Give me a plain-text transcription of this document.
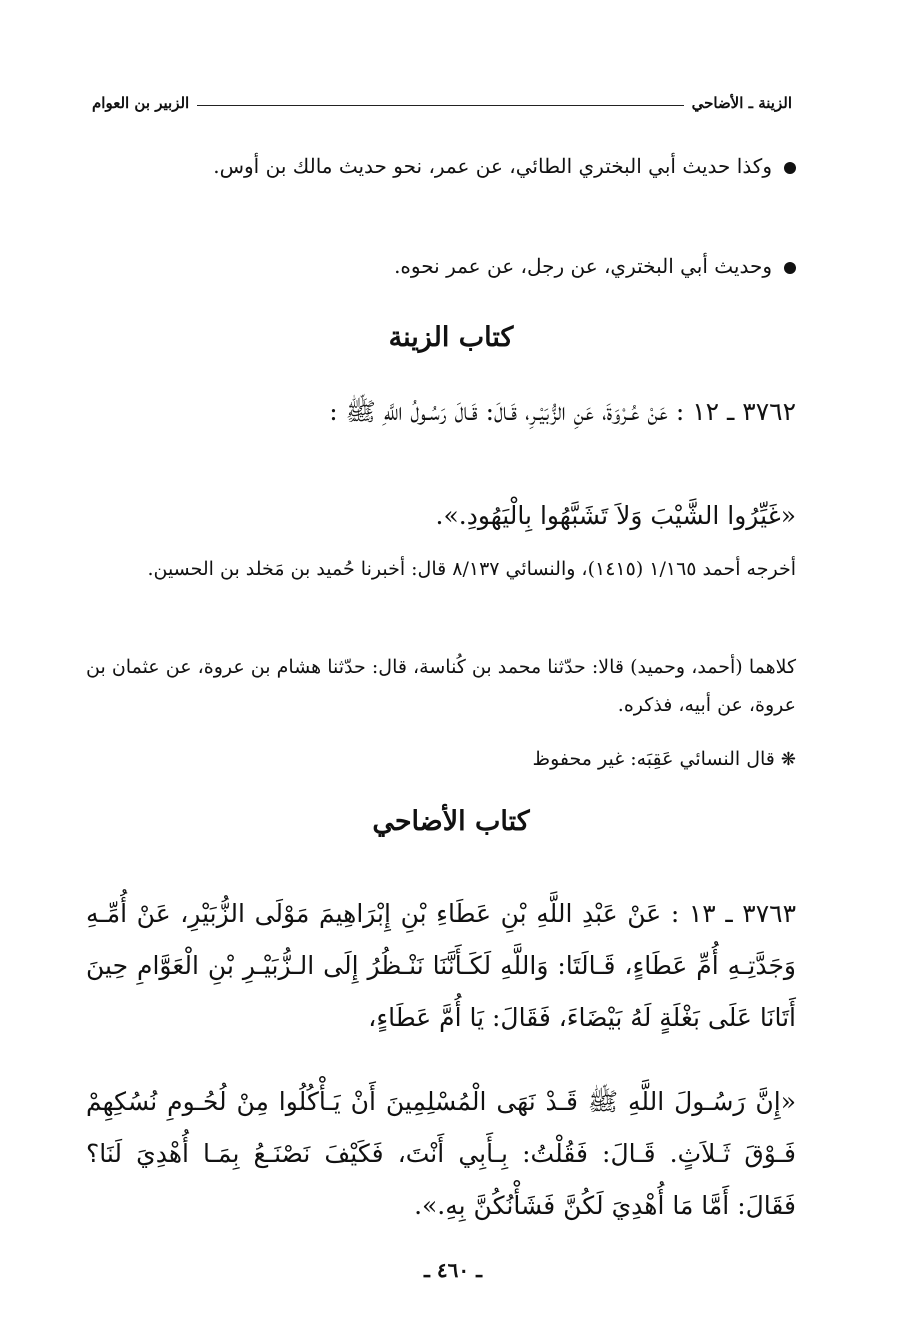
الزينة ـ الأضاحي
الزبير بن العوام
وكذا حديث أبي البختري الطائي، عن عمر، نحو حديث مالك بن أوس.
وحديث أبي البختري، عن رجل، عن عمر نحوه.
كتاب الزينة
٣٧٦٢ ـ ١٢ : عَنْ عُـرْوَةَ، عَنِ الزُّبَيْـرِ، قَـالَ: قَـالَ رَسُـولُ اللَّهِ ﷺ :
«غَيِّرُوا الشَّيْبَ وَلاَ تَشَبَّهُوا بِالْيَهُودِ.».
أخرجه أحمد ١/١٦٥ (١٤١٥)، والنسائي ٨/١٣٧ قال: أخبرنا حُميد بن مَخلد بن الحسين.
كلاهما (أحمد، وحميد) قالا: حدّثنا محمد بن كُناسة، قال: حدّثنا هشام بن عروة، عن عثمان بن عروة، عن أبيه، فذكره.
❋قال النسائي عَقِبَه: غير محفوظ
كتاب الأضاحي
٣٧٦٣ ـ ١٣ : عَنْ عَبْدِ اللَّهِ بْنِ عَطَاءِ بْنِ إِبْرَاهِيمَ مَوْلَى الزُّبَيْرِ، عَنْ أُمِّـهِ وَجَدَّتِـهِ أُمِّ عَطَاءٍ، قَـالَتَا: وَاللَّهِ لَكَـأَنَّنَا نَنْـظُرُ إِلَى الـزُّبَيْـرِ بْنِ الْعَوَّامِ حِينَ أَتَانَا عَلَى بَغْلَةٍ لَهُ بَيْضَاءَ، فَقَالَ: يَا أُمَّ عَطَاءٍ،
«إِنَّ رَسُـولَ اللَّهِ ﷺ قَـدْ نَهَى الْمُسْلِمِينَ أَنْ يَـأْكُلُوا مِنْ لُحُـومِ نُسُكِهِمْ فَـوْقَ ثَـلاَثٍ. قَـالَ: فَقُلْتُ: بِـأَبِي أَنْتَ، فَكَيْفَ نَصْنَـعُ بِمَـا أُهْدِيَ لَنَا؟ فَقَالَ: أَمَّا مَا أُهْدِيَ لَكُنَّ فَشَأْنُكُنَّ بِهِ.».
ـ ٤٦٠ ـ
